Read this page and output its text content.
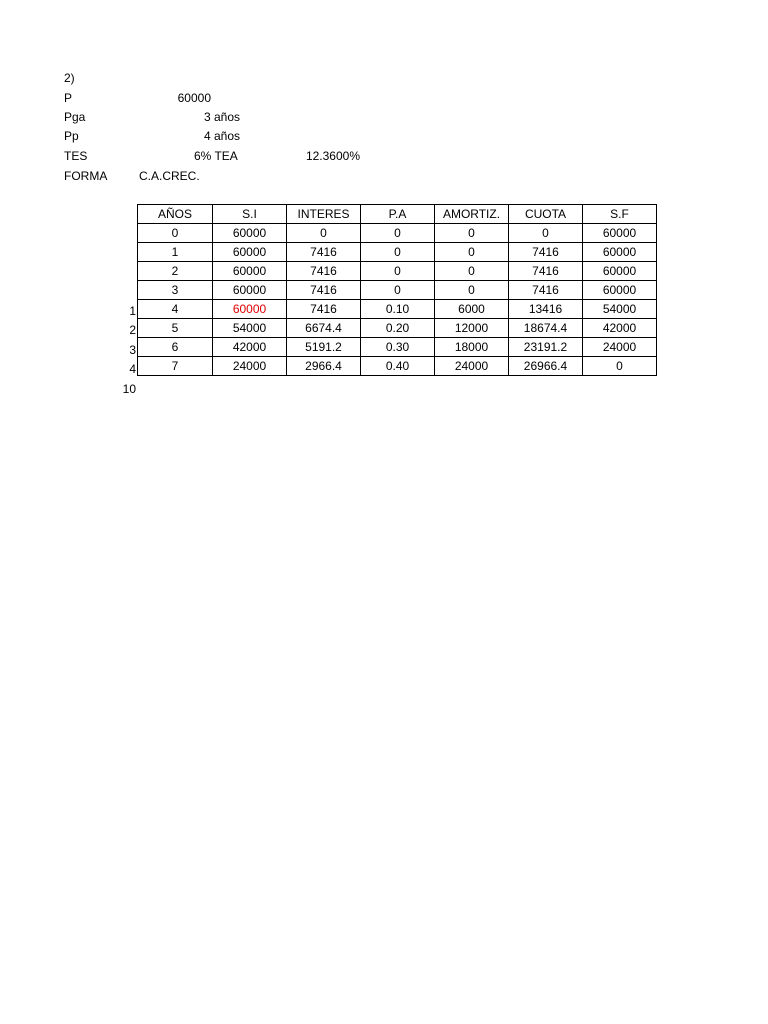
2)
P	60000
Pga	3 años
Pp	4 años
TES	6% TEA	12.3600%
FORMA	C.A.CREC.
1
2
3
4
10
AÑOS	S.I	INTERES	P.A	AMORTIZ.	CUOTA	S.F
0	60000	0	0	0	0	60000
1	60000	7416	0	0	7416	60000
2	60000	7416	0	0	7416	60000
3	60000	7416	0	0	7416	60000
4	60000	7416	0.10	6000	13416	54000
5	54000	6674.4	0.20	12000	18674.4	42000
6	42000	5191.2	0.30	18000	23191.2	24000
7	24000	2966.4	0.40	24000	26966.4	0
